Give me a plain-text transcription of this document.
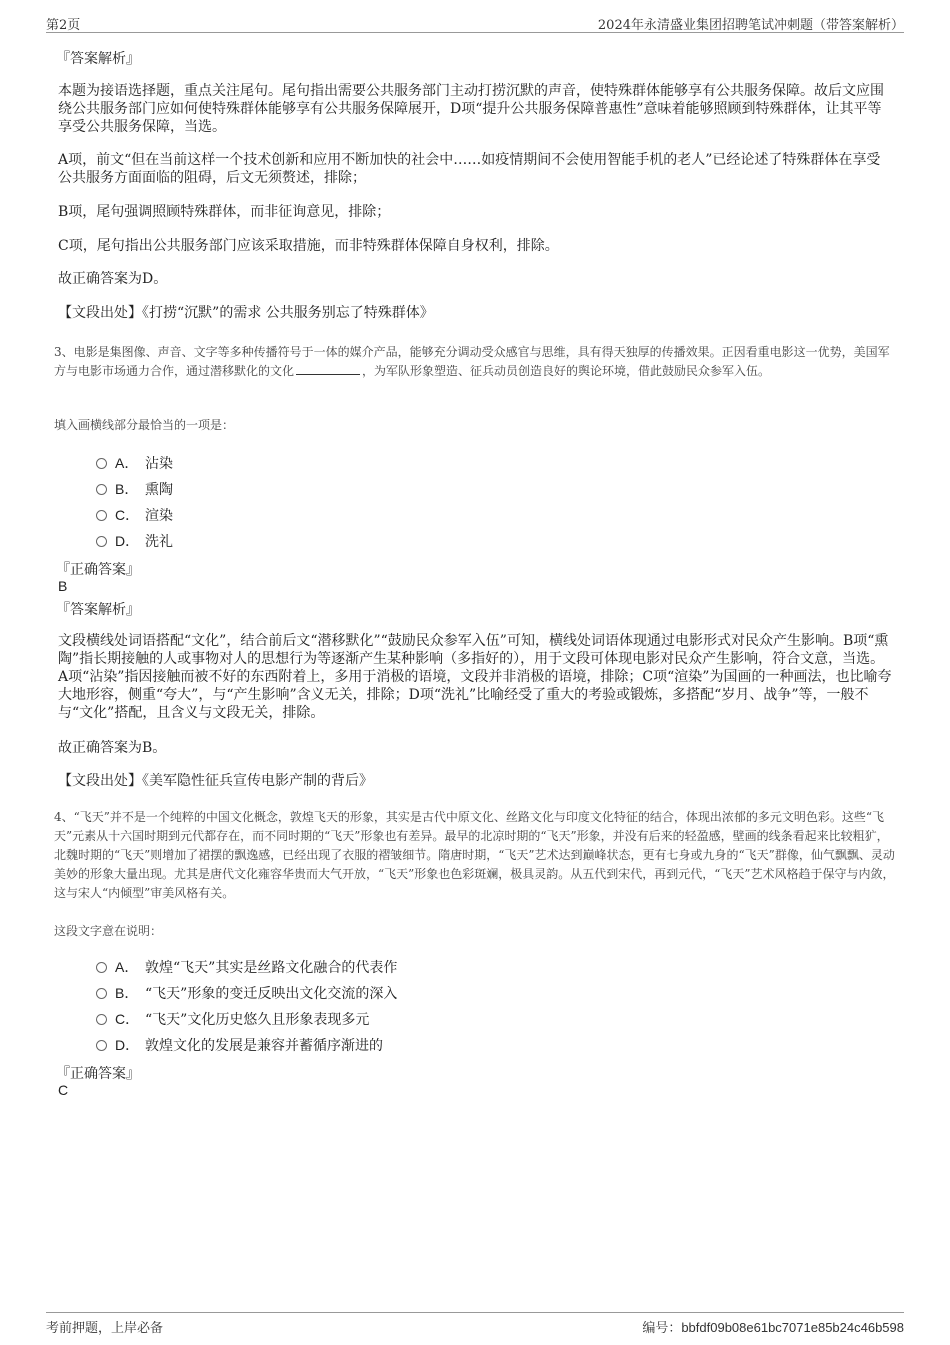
第2页	2024年永清盛业集团招聘笔试冲刺题（带答案解析）
『答案解析』
本题为接语选择题，重点关注尾句。尾句指出需要公共服务部门主动打捞沉默的声音，使特殊群体能够享有公共服务保障。故后文应围绕公共服务部门应如何使特殊群体能够享有公共服务保障展开，D项“提升公共服务保障普惠性”意味着能够照顾到特殊群体，让其平等享受公共服务保障，当选。
A项，前文“但在当前这样一个技术创新和应用不断加快的社会中……如疫情期间不会使用智能手机的老人”已经论述了特殊群体在享受公共服务方面面临的阻碍，后文无须赘述，排除；
B项，尾句强调照顾特殊群体，而非征询意见，排除；
C项，尾句指出公共服务部门应该采取措施，而非特殊群体保障自身权利，排除。
故正确答案为D。
【文段出处】《打捞“沉默”的需求 公共服务别忘了特殊群体》
3、电影是集图像、声音、文字等多种传播符号于一体的媒介产品，能够充分调动受众感官与思维，具有得天独厚的传播效果。正因看重电影这一优势，美国军方与电影市场通力合作，通过潜移默化的文化	，为军队形象塑造、征兵动员创造良好的舆论环境，借此鼓励民众参军入伍。
填入画横线部分最恰当的一项是：
A． 沾染
B． 熏陶
C． 渲染
D． 洗礼
『正确答案』
B
『答案解析』
文段横线处词语搭配“文化”，结合前后文“潜移默化”“鼓励民众参军入伍”可知，横线处词语体现通过电影形式对民众产生影响。B项“熏陶”指长期接触的人或事物对人的思想行为等逐渐产生某种影响（多指好的），用于文段可体现电影对民众产生影响，符合文意，当选。A项“沾染”指因接触而被不好的东西附着上，多用于消极的语境，文段并非消极的语境，排除；C项“渲染”为国画的一种画法，也比喻夸大地形容，侧重“夸大”，与“产生影响”含义无关，排除；D项“洗礼”比喻经受了重大的考验或锻炼，多搭配“岁月、战争”等，一般不与“文化”搭配，且含义与文段无关，排除。
故正确答案为B。
【文段出处】《美军隐性征兵宣传电影产制的背后》
4、“飞天”并不是一个纯粹的中国文化概念，敦煌飞天的形象，其实是古代中原文化、丝路文化与印度文化特征的结合，体现出浓郁的多元文明色彩。这些“飞天”元素从十六国时期到元代都存在，而不同时期的“飞天”形象也有差异。最早的北凉时期的“飞天”形象，并没有后来的轻盈感，壁画的线条看起来比较粗犷，北魏时期的“飞天”则增加了裙摆的飘逸感，已经出现了衣服的褶皱细节。隋唐时期，“飞天”艺术达到巅峰状态，更有七身或九身的“飞天”群像，仙气飘飘、灵动美妙的形象大量出现。尤其是唐代文化雍容华贵而大气开放，“飞天”形象也色彩斑斓，极具灵韵。从五代到宋代，再到元代，“飞天”艺术风格趋于保守与内敛，这与宋人“内倾型”审美风格有关。
这段文字意在说明：
A． 敦煌“飞天”其实是丝路文化融合的代表作
B． “飞天”形象的变迁反映出文化交流的深入
C． “飞天”文化历史悠久且形象表现多元
D． 敦煌文化的发展是兼容并蓄循序渐进的
『正确答案』
C
考前押题，上岸必备	编号：bbfdf09b08e61bc7071e85b24c46b598
